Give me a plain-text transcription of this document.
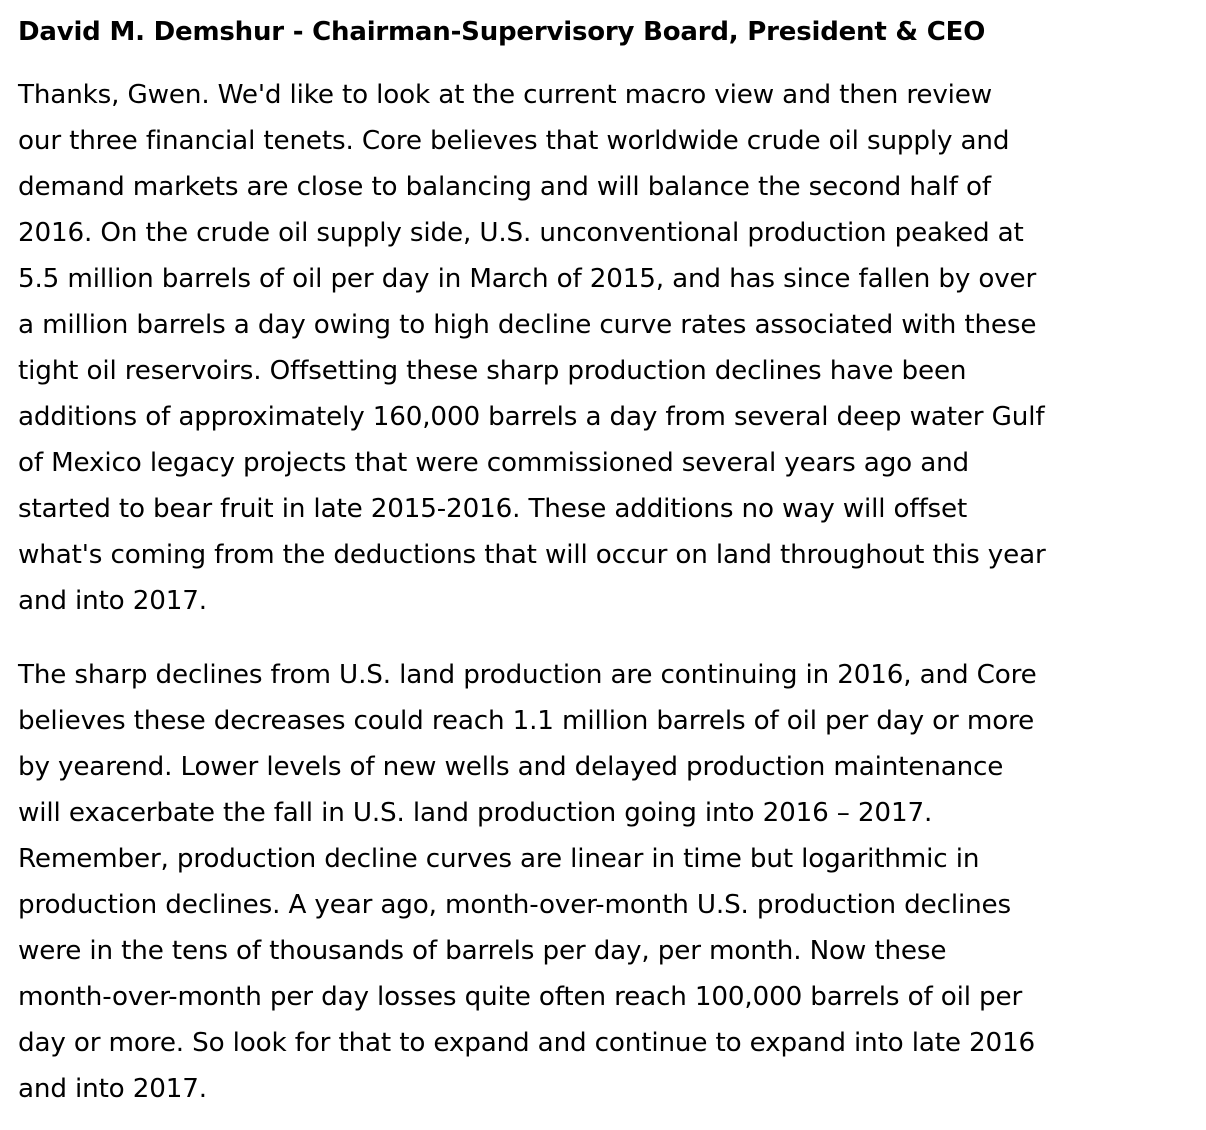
David M. Demshur - Chairman-Supervisory Board, President & CEO

Thanks, Gwen. We'd like to look at the current macro view and then review
our three financial tenets. Core believes that worldwide crude oil supply and
demand markets are close to balancing and will balance the second half of
2016. On the crude oil supply side, U.S. unconventional production peaked at
5.5 million barrels of oil per day in March of 2015, and has since fallen by over
a million barrels a day owing to high decline curve rates associated with these
tight oil reservoirs. Offsetting these sharp production declines have been
additions of approximately 160,000 barrels a day from several deep water Gulf
of Mexico legacy projects that were commissioned several years ago and
started to bear fruit in late 2015-2016. These additions no way will offset
what's coming from the deductions that will occur on land throughout this year
and into 2017.

The sharp declines from U.S. land production are continuing in 2016, and Core
believes these decreases could reach 1.1 million barrels of oil per day or more
by yearend. Lower levels of new wells and delayed production maintenance
will exacerbate the fall in U.S. land production going into 2016 – 2017.
Remember, production decline curves are linear in time but logarithmic in
production declines. A year ago, month-over-month U.S. production declines
were in the tens of thousands of barrels per day, per month. Now these
month-over-month per day losses quite often reach 100,000 barrels of oil per
day or more. So look for that to expand and continue to expand into late 2016
and into 2017.
